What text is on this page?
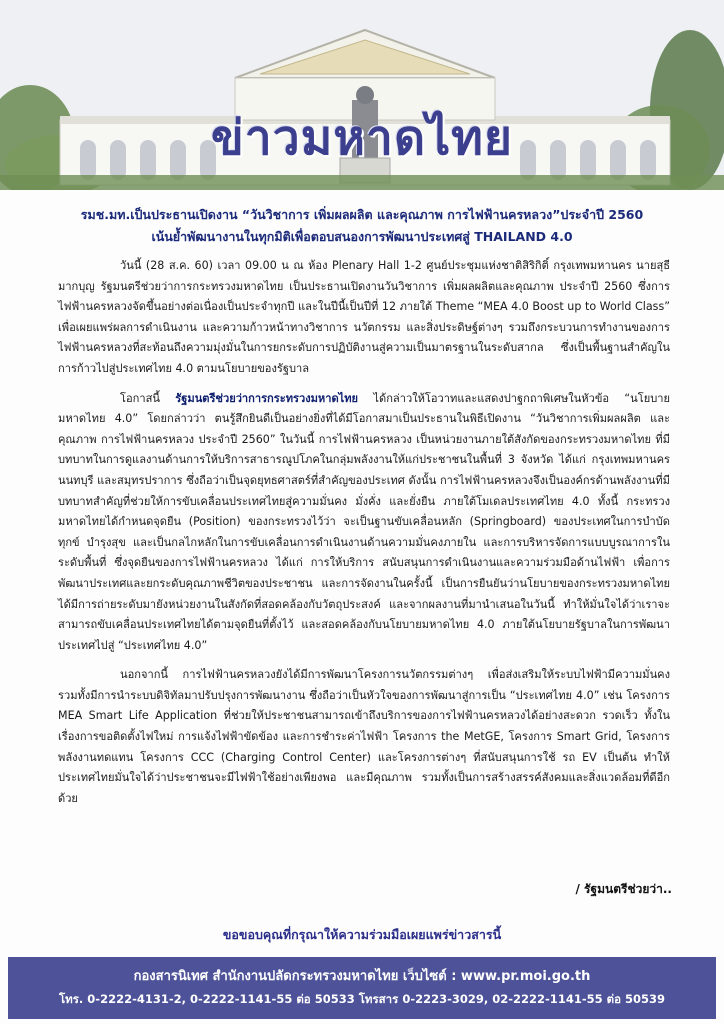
ข่าวมหาดไทย
รมช.มท.เป็นประธานเปิดงาน “วันวิชาการ เพิ่มผลผลิต และคุณภาพ การไฟฟ้านครหลวง”ประจำปี 2560
เน้นย้ำพัฒนางานในทุกมิติเพื่อตอบสนองการพัฒนาประเทศสู่ THAILAND 4.0

วันนี้ (28 ส.ค. 60) เวลา 09.00 น ณ ห้อง Plenary Hall 1-2 ศูนย์ประชุมแห่งชาติสิริกิติ์ กรุงเทพมหานคร นายสุธี มากบุญ รัฐมนตรีช่วยว่าการกระทรวงมหาดไทย เป็นประธานเปิดงานวันวิชาการ เพิ่มผลผลิตและคุณภาพ ประจำปี 2560 ซึ่งการไฟฟ้านครหลวงจัดขึ้นอย่างต่อเนื่องเป็นประจำทุกปี และในปีนี้เป็นปีที่ 12 ภายใต้ Theme “MEA 4.0 Boost up to World Class” เพื่อเผยแพร่ผลการดำเนินงาน และความก้าวหน้าทางวิชาการ นวัตกรรม และสิ่งประดิษฐ์ต่างๆ รวมถึงกระบวนการทำงานของการไฟฟ้านครหลวงที่สะท้อนถึงความมุ่งมั่นในการยกระดับการปฏิบัติงานสู่ความเป็นมาตรฐานในระดับสากล ซึ่งเป็นพื้นฐานสำคัญในการก้าวไปสู่ประเทศไทย 4.0 ตามนโยบายของรัฐบาล

โอกาสนี้ รัฐมนตรีช่วยว่าการกระทรวงมหาดไทย ได้กล่าวให้โอวาทและแสดงปาฐกถาพิเศษในหัวข้อ “นโยบายมหาดไทย 4.0” โดยกล่าวว่า ตนรู้สึกยินดีเป็นอย่างยิ่งที่ได้มีโอกาสมาเป็นประธานในพิธีเปิดงาน “วันวิชาการเพิ่มผลผลิต และคุณภาพ การไฟฟ้านครหลวง ประจำปี 2560” ในวันนี้ การไฟฟ้านครหลวง เป็นหน่วยงานภายใต้สังกัดของกระทรวงมหาดไทย ที่มีบทบาทในการดูแลงานด้านการให้บริการสาธารณูปโภคในกลุ่มพลังงานให้แก่ประชาชนในพื้นที่ 3 จังหวัด ได้แก่ กรุงเทพมหานคร นนทบุรี และสมุทรปราการ ซึ่งถือว่าเป็นจุดยุทธศาสตร์ที่สำคัญของประเทศ ดังนั้น การไฟฟ้านครหลวงจึงเป็นองค์กรด้านพลังงานที่มีบทบาทสำคัญที่ช่วยให้การขับเคลื่อนประเทศไทยสู่ความมั่นคง มั่งคั่ง และยั่งยืน ภายใต้โมเดลประเทศไทย 4.0 ทั้งนี้ กระทรวงมหาดไทยได้กำหนดจุดยืน (Position) ของกระทรวงไว้ว่า จะเป็นฐานขับเคลื่อนหลัก (Springboard) ของประเทศในการบำบัดทุกข์ บำรุงสุข และเป็นกลไกหลักในการขับเคลื่อนการดำเนินงานด้านความมั่นคงภายใน และการบริหารจัดการแบบบูรณาการในระดับพื้นที่ ซึ่งจุดยืนของการไฟฟ้านครหลวง ได้แก่ การให้บริการ สนับสนุนการดำเนินงานและความร่วมมือด้านไฟฟ้า เพื่อการพัฒนาประเทศและยกระดับคุณภาพชีวิตของประชาชน และการจัดงานในครั้งนี้ เป็นการยืนยันว่านโยบายของกระทรวงมหาดไทยได้มีการถ่ายระดับมายังหน่วยงานในสังกัดที่สอดคล้องกับวัตถุประสงค์ และจากผลงานที่มานำเสนอในวันนี้ ทำให้มั่นใจได้ว่าเราจะสามารถขับเคลื่อนประเทศไทยได้ตามจุดยืนที่ตั้งไว้ และสอดคล้องกับนโยบายมหาดไทย 4.0 ภายใต้นโยบายรัฐบาลในการพัฒนาประเทศไปสู่ “ประเทศไทย 4.0”

นอกจากนี้ การไฟฟ้านครหลวงยังได้มีการพัฒนาโครงการนวัตกรรมต่างๆ เพื่อส่งเสริมให้ระบบไฟฟ้ามีความมั่นคง รวมทั้งมีการนำระบบดิจิทัลมาปรับปรุงการพัฒนางาน ซึ่งถือว่าเป็นหัวใจของการพัฒนาสู่การเป็น “ประเทศไทย 4.0” เช่น โครงการ MEA Smart Life Application ที่ช่วยให้ประชาชนสามารถเข้าถึงบริการของการไฟฟ้านครหลวงได้อย่างสะดวก รวดเร็ว ทั้งในเรื่องการขอติดตั้งไฟใหม่ การแจ้งไฟฟ้าขัดข้อง และการชำระค่าไฟฟ้า โครงการ the MetGE, โครงการ Smart Grid, โครงการพลังงานทดแทน โครงการ CCC (Charging Control Center) และโครงการต่างๆ ที่สนับสนุนการใช้ รถ EV เป็นต้น ทำให้ประเทศไทยมั่นใจได้ว่าประชาชนจะมีไฟฟ้าใช้อย่างเพียงพอ และมีคุณภาพ รวมทั้งเป็นการสร้างสรรค์สังคมและสิ่งแวดล้อมที่ดีอีกด้วย

/ รัฐมนตรีช่วยว่า..
ขอขอบคุณที่กรุณาให้ความร่วมมือเผยแพร่ข่าวสารนี้
กองสารนิเทศ สำนักงานปลัดกระทรวงมหาดไทย เว็บไซต์ : www.pr.moi.go.th
โทร. 0-2222-4131-2, 0-2222-1141-55 ต่อ 50533 โทรสาร 0-2223-3029, 02-2222-1141-55 ต่อ 50539
